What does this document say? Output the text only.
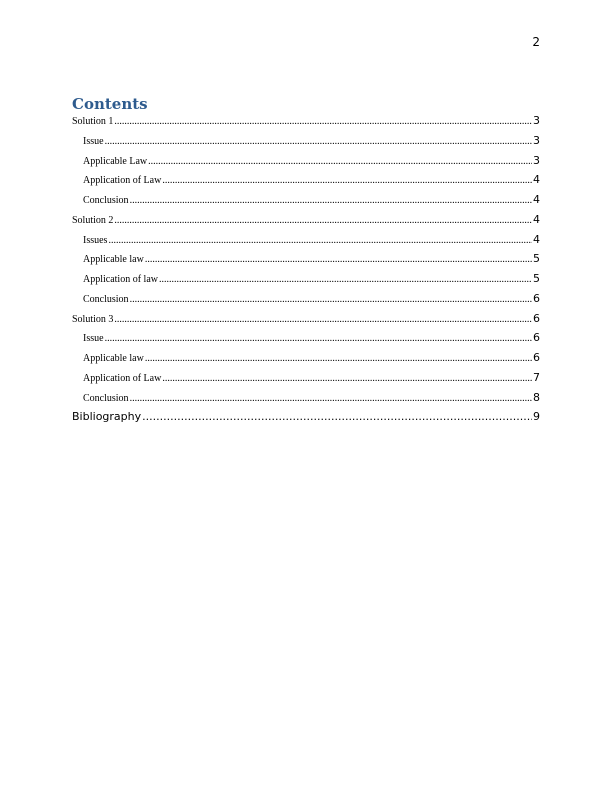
2
Contents
Solution 1 .....	3
Issue .....	3
Applicable Law .....	3
Application of Law .....	4
Conclusion .....	4
Solution 2 .....	4
Issues .....	4
Applicable law .....	5
Application of law .....	5
Conclusion .....	6
Solution 3 .....	6
Issue .....	6
Applicable law .....	6
Application of Law .....	7
Conclusion .....	8
Bibliography .....	9
